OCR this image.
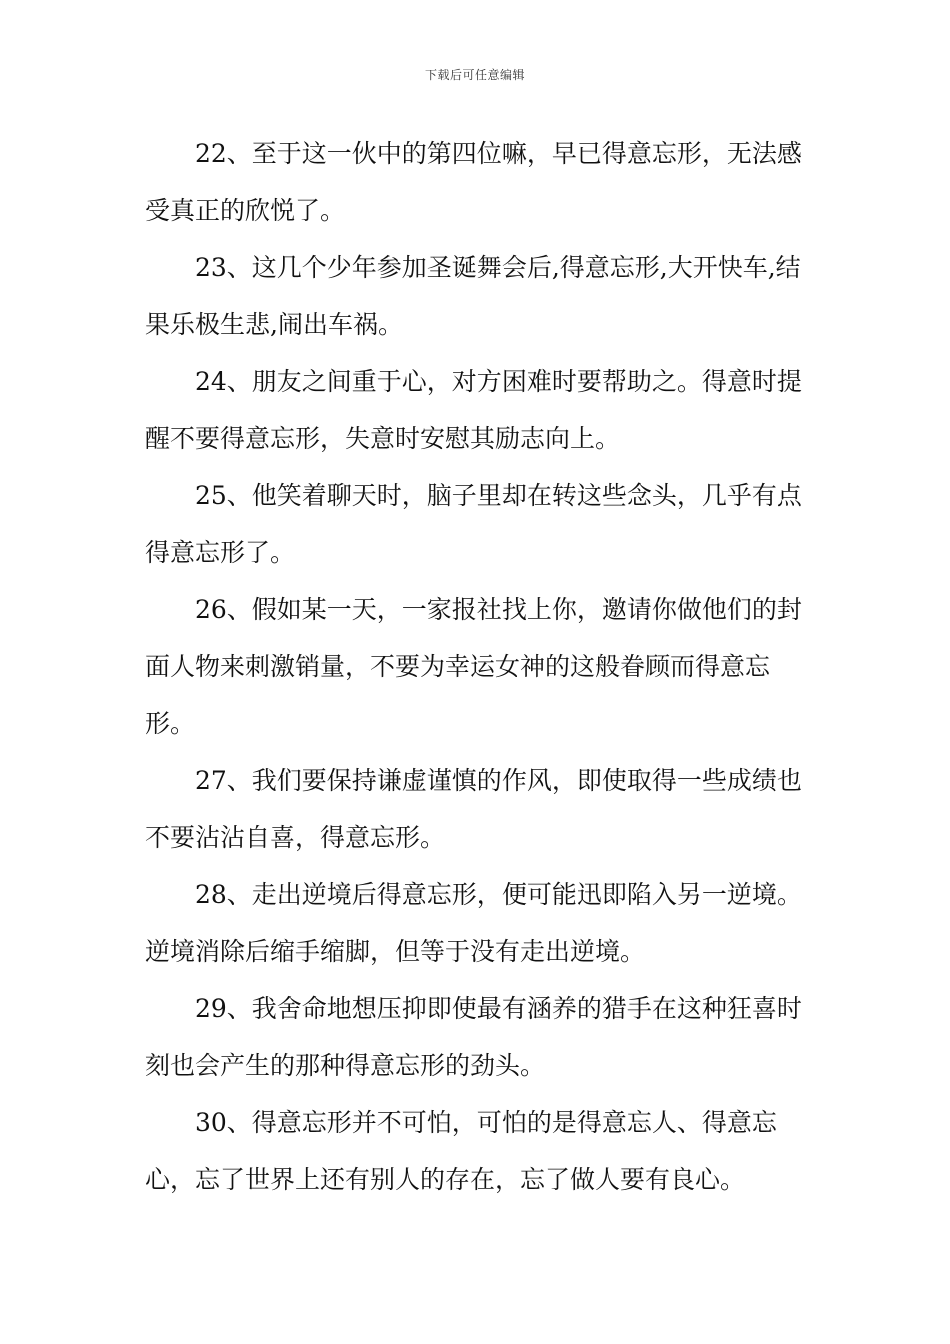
下载后可任意编辑

22、至于这一伙中的第四位嘛，早已得意忘形，无法感受真正的欣悦了。

23、这几个少年参加圣诞舞会后,得意忘形,大开快车,结果乐极生悲,闹出车祸。

24、朋友之间重于心，对方困难时要帮助之。得意时提醒不要得意忘形，失意时安慰其励志向上。

25、他笑着聊天时，脑子里却在转这些念头，几乎有点得意忘形了。

26、假如某一天，一家报社找上你，邀请你做他们的封面人物来刺激销量，不要为幸运女神的这般眷顾而得意忘形。

27、我们要保持谦虚谨慎的作风，即使取得一些成绩也不要沾沾自喜，得意忘形。

28、走出逆境后得意忘形，便可能迅即陷入另一逆境。逆境消除后缩手缩脚，但等于没有走出逆境。

29、我舍命地想压抑即使最有涵养的猎手在这种狂喜时刻也会产生的那种得意忘形的劲头。

30、得意忘形并不可怕，可怕的是得意忘人、得意忘心，忘了世界上还有别人的存在，忘了做人要有良心。
